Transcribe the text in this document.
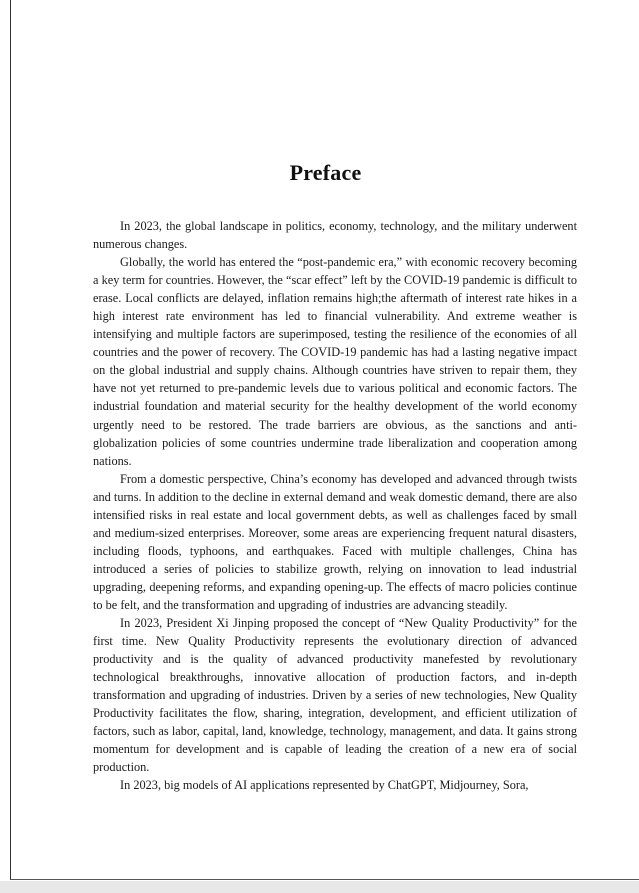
Preface

In 2023, the global landscape in politics, economy, technology, and the military underwent numerous changes.

Globally, the world has entered the “post-pandemic era,” with economic recovery becoming a key term for countries. However, the “scar effect” left by the COVID-19 pandemic is difficult to erase. Local conflicts are delayed, inflation remains high;the aftermath of interest rate hikes in a high interest rate environment has led to financial vulnerability. And extreme weather is intensifying and multiple factors are superimposed, testing the resilience of the economies of all countries and the power of recovery. The COVID-19 pandemic has had a lasting negative impact on the global industrial and supply chains. Although countries have striven to repair them, they have not yet returned to pre-pandemic levels due to various political and economic factors. The industrial foundation and material security for the healthy development of the world economy urgently need to be restored. The trade barriers are obvious, as the sanctions and anti-globalization policies of some countries undermine trade liberalization and cooperation among nations.

From a domestic perspective, China’s economy has developed and advanced through twists and turns. In addition to the decline in external demand and weak domestic demand, there are also intensified risks in real estate and local government debts, as well as challenges faced by small and medium-sized enterprises. Moreover, some areas are experiencing frequent natural disasters, including floods, typhoons, and earthquakes. Faced with multiple challenges, China has introduced a series of policies to stabilize growth, relying on innovation to lead industrial upgrading, deepening reforms, and expanding opening-up. The effects of macro policies continue to be felt, and the transformation and upgrading of industries are advancing steadily.

In 2023, President Xi Jinping proposed the concept of “New Quality Productivity” for the first time. New Quality Productivity represents the evolutionary direction of advanced productivity and is the quality of advanced productivity manefested by revolutionary technological breakthroughs, innovative allocation of production factors, and in-depth transformation and upgrading of industries. Driven by a series of new technologies, New Quality Productivity facilitates the flow, sharing, integration, development, and efficient utilization of factors, such as labor, capital, land, knowledge, technology, management, and data. It gains strong momentum for development and is capable of leading the creation of a new era of social production.

In 2023, big models of AI applications represented by ChatGPT, Midjourney, Sora,
